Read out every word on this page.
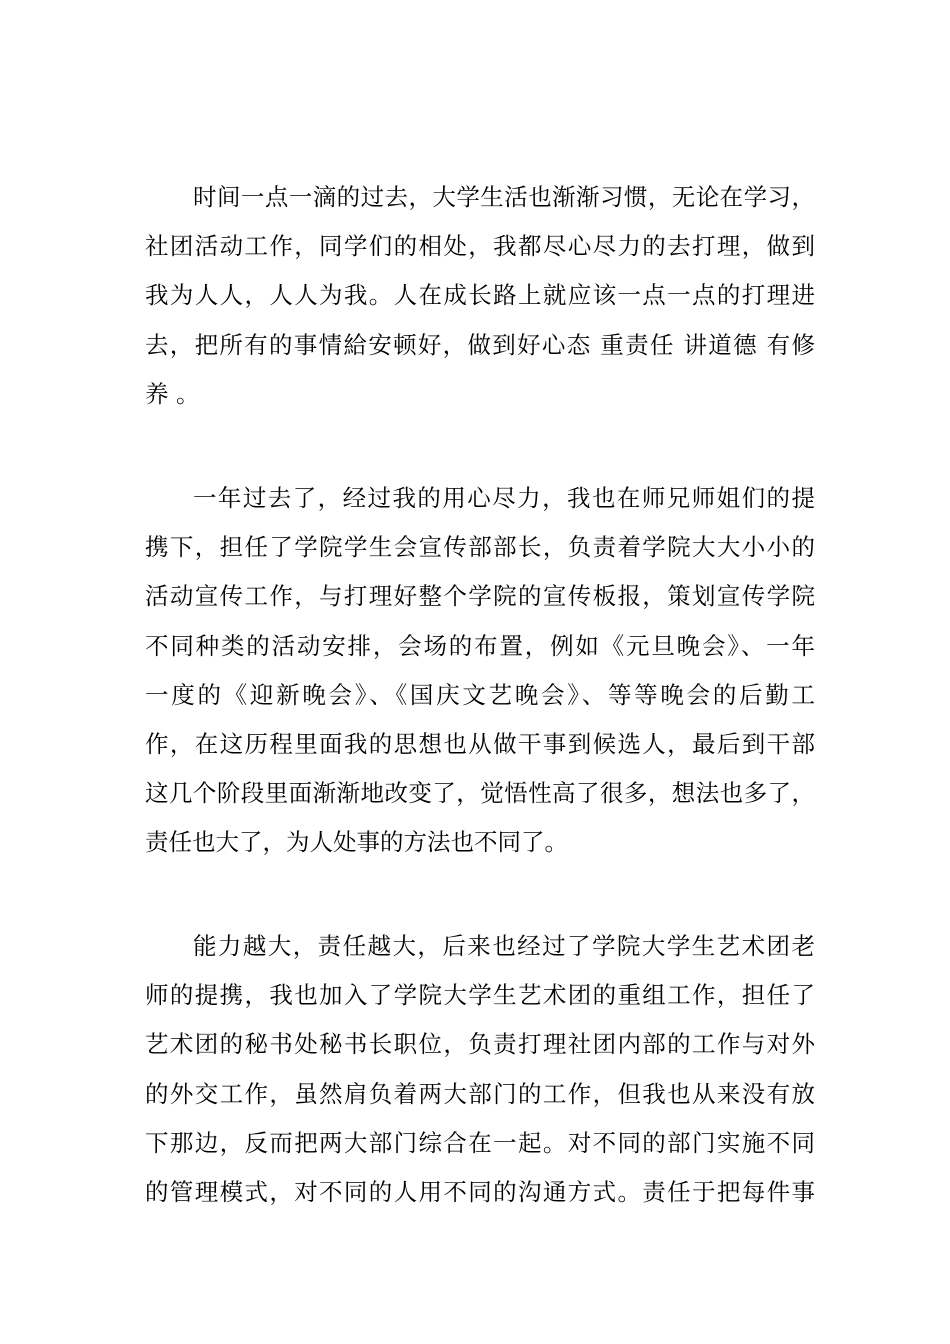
时间一点一滴的过去，大学生活也渐渐习惯，无论在学习，
社团活动工作，同学们的相处，我都尽心尽力的去打理，做到
我为人人，人人为我。人在成长路上就应该一点一点的打理进
去，把所有的事情給安顿好，做到好心态 重责任 讲道德 有修
养 。
一年过去了，经过我的用心尽力，我也在师兄师姐们的提
携下，担任了学院学生会宣传部部长，负责着学院大大小小的
活动宣传工作，与打理好整个学院的宣传板报，策划宣传学院
不同种类的活动安排，会场的布置，例如《元旦晚会》、一年
一度的《迎新晚会》、《国庆文艺晚会》、等等晚会的后勤工
作，在这历程里面我的思想也从做干事到候选人，最后到干部
这几个阶段里面渐渐地改变了，觉悟性高了很多，想法也多了，
责任也大了，为人处事的方法也不同了。
能力越大，责任越大，后来也经过了学院大学生艺术团老
师的提携，我也加入了学院大学生艺术团的重组工作，担任了
艺术团的秘书处秘书长职位，负责打理社团内部的工作与对外
的外交工作，虽然肩负着两大部门的工作，但我也从来没有放
下那边，反而把两大部门综合在一起。对不同的部门实施不同
的管理模式，对不同的人用不同的沟通方式。责任于把每件事
